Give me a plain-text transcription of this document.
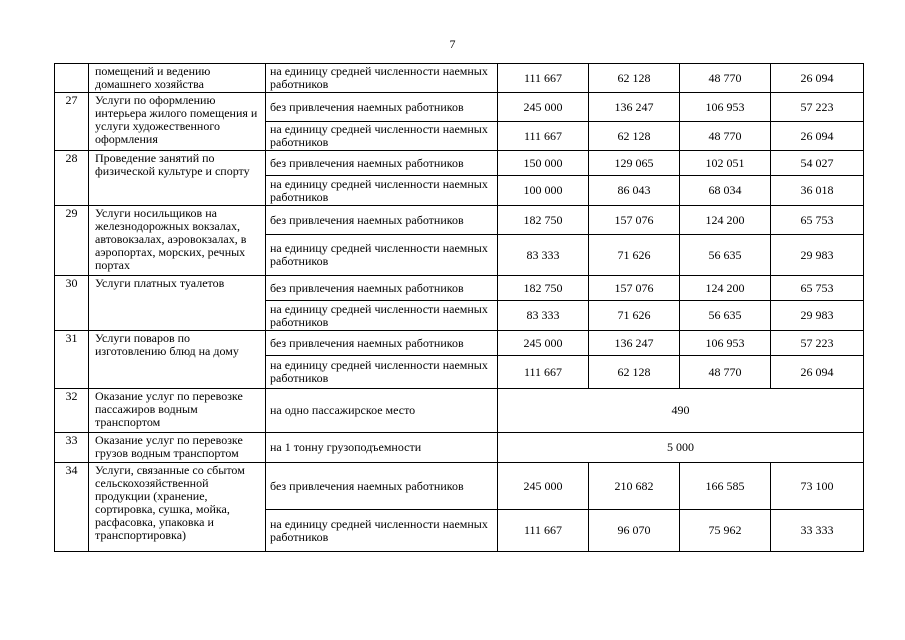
7
	помещений и ведению домашнего хозяйства	на единицу средней численности наемных работников	111 667	62 128	48 770	26 094
27	Услуги по оформлению интерьера жилого помещения и услуги художественного оформления	без привлечения наемных работников	245 000	136 247	106 953	57 223
		на единицу средней численности наемных работников	111 667	62 128	48 770	26 094
28	Проведение занятий по физической культуре и спорту	без привлечения наемных работников	150 000	129 065	102 051	54 027
		на единицу средней численности наемных работников	100 000	86 043	68 034	36 018
29	Услуги носильщиков на железнодорожных вокзалах, автовокзалах, аэровокзалах, в аэропортах, морских, речных портах	без привлечения наемных работников	182 750	157 076	124 200	65 753
		на единицу средней численности наемных работников	83 333	71 626	56 635	29 983
30	Услуги платных туалетов	без привлечения наемных работников	182 750	157 076	124 200	65 753
		на единицу средней численности наемных работников	83 333	71 626	56 635	29 983
31	Услуги поваров по изготовлению блюд на дому	без привлечения наемных работников	245 000	136 247	106 953	57 223
		на единицу средней численности наемных работников	111 667	62 128	48 770	26 094
32	Оказание услуг по перевозке пассажиров водным транспортом	на одно пассажирское место	490			
33	Оказание услуг по перевозке грузов водным транспортом	на 1 тонну грузоподъемности	5 000			
34	Услуги, связанные со сбытом сельскохозяйственной продукции (хранение, сортировка, сушка, мойка, расфасовка, упаковка и транспортировка)	без привлечения наемных работников	245 000	210 682	166 585	73 100
		на единицу средней численности наемных работников	111 667	96 070	75 962	33 333
